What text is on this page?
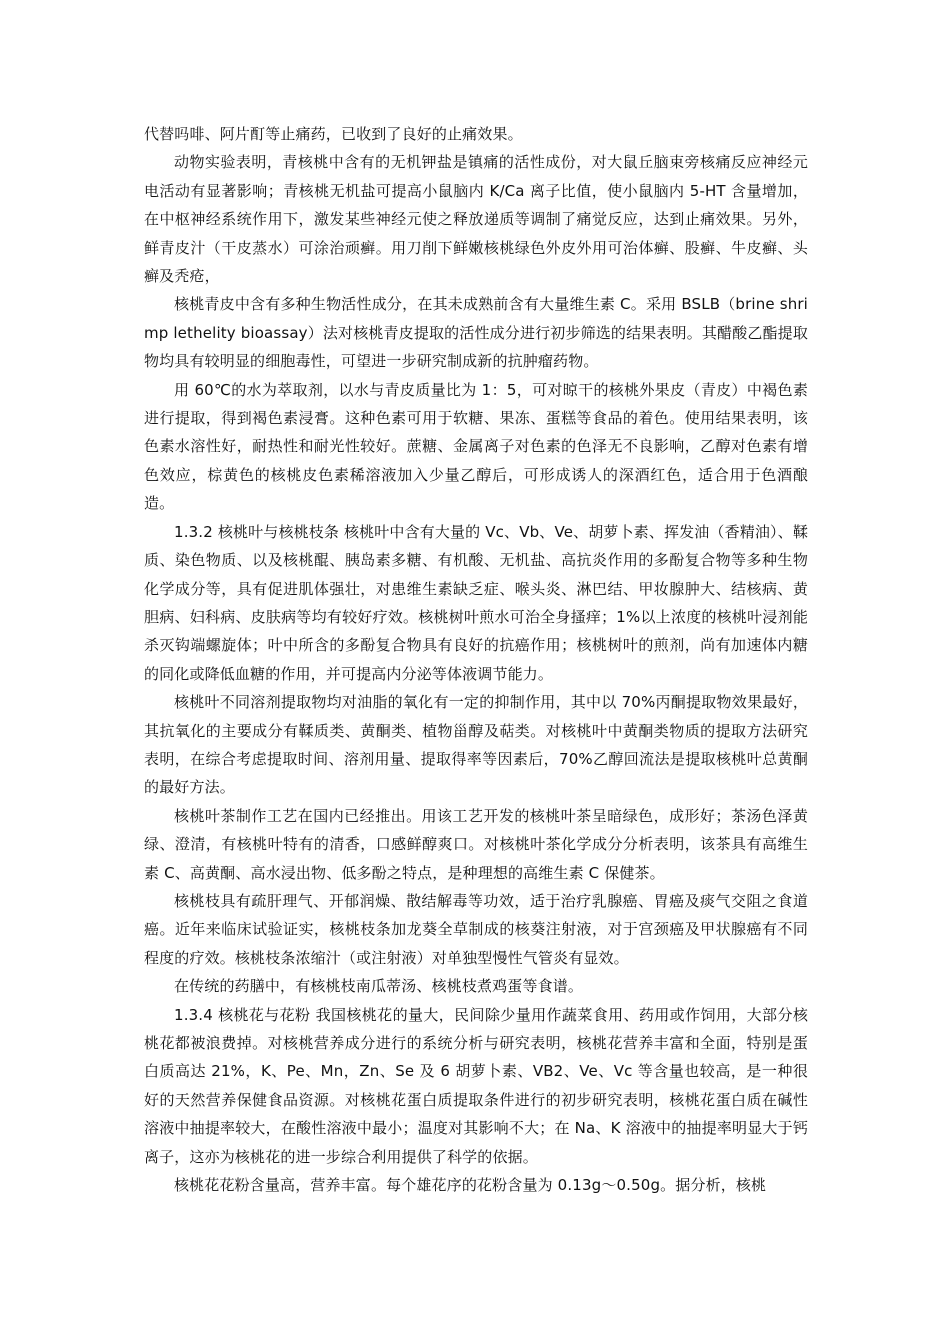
代替吗啡、阿片酊等止痛药，已收到了良好的止痛效果。

动物实验表明，青核桃中含有的无机钾盐是镇痛的活性成份，对大鼠丘脑束旁核痛反应神经元电活动有显著影响；青核桃无机盐可提高小鼠脑内 K/Ca 离子比值，使小鼠脑内 5-HT 含量增加，在中枢神经系统作用下，激发某些神经元使之释放递质等调制了痛觉反应，达到止痛效果。另外，鲜青皮汁（干皮蒸水）可涂治顽癣。用刀削下鲜嫩核桃绿色外皮外用可治体癣、股癣、牛皮癣、头癣及秃疮，

核桃青皮中含有多种生物活性成分，在其未成熟前含有大量维生素 C。采用 BSLB（brine shrimp lethelity bioassay）法对核桃青皮提取的活性成分进行初步筛选的结果表明。其醋酸乙酯提取物均具有较明显的细胞毒性，可望进一步研究制成新的抗肿瘤药物。

用 60℃的水为萃取剂，以水与青皮质量比为 1：5，可对晾干的核桃外果皮（青皮）中褐色素进行提取，得到褐色素浸膏。这种色素可用于软糖、果冻、蛋糕等食品的着色。使用结果表明，该色素水溶性好，耐热性和耐光性较好。蔗糖、金属离子对色素的色泽无不良影响，乙醇对色素有增色效应，棕黄色的核桃皮色素稀溶液加入少量乙醇后，可形成诱人的深酒红色，适合用于色酒酿造。

1.3.2 核桃叶与核桃枝条 核桃叶中含有大量的 Vc、Vb、Ve、胡萝卜素、挥发油（香精油）、鞣质、染色物质、以及核桃醌、胰岛素多糖、有机酸、无机盐、高抗炎作用的多酚复合物等多种生物化学成分等，具有促进肌体强壮，对患维生素缺乏症、喉头炎、淋巴结、甲妆腺肿大、结核病、黄胆病、妇科病、皮肤病等均有较好疗效。核桃树叶煎水可治全身搔痒；1%以上浓度的核桃叶浸剂能杀灭钩端螺旋体；叶中所含的多酚复合物具有良好的抗癌作用；核桃树叶的煎剂，尚有加速体内糖的同化或降低血糖的作用，并可提高内分泌等体液调节能力。

核桃叶不同溶剂提取物均对油脂的氧化有一定的抑制作用，其中以 70%丙酮提取物效果最好，其抗氧化的主要成分有鞣质类、黄酮类、植物甾醇及萜类。对核桃叶中黄酮类物质的提取方法研究表明，在综合考虑提取时间、溶剂用量、提取得率等因素后，70%乙醇回流法是提取核桃叶总黄酮的最好方法。

核桃叶茶制作工艺在国内已经推出。用该工艺开发的核桃叶茶呈暗绿色，成形好；茶汤色泽黄绿、澄清，有核桃叶特有的清香，口感鲜醇爽口。对核桃叶茶化学成分分析表明，该茶具有高维生素 C、高黄酮、高水浸出物、低多酚之特点，是种理想的高维生素 C 保健茶。

核桃枝具有疏肝理气、开郁润燥、散结解毒等功效，适于治疗乳腺癌、胃癌及痰气交阻之食道癌。近年来临床试验证实，核桃枝条加龙葵全草制成的核葵注射液，对于宫颈癌及甲状腺癌有不同程度的疗效。核桃枝条浓缩汁（或注射液）对单独型慢性气管炎有显效。

在传统的药膳中，有核桃枝南瓜蒂汤、核桃枝煮鸡蛋等食谱。

1.3.4 核桃花与花粉 我国核桃花的量大，民间除少量用作蔬菜食用、药用或作饲用，大部分核桃花都被浪费掉。对核桃营养成分进行的系统分析与研究表明，核桃花营养丰富和全面，特别是蛋白质高达 21%，K、Pe、Mn，Zn、Se 及 6 胡萝卜素、VB2、Ve、Vc 等含量也较高，是一种很好的天然营养保健食品资源。对核桃花蛋白质提取条件进行的初步研究表明，核桃花蛋白质在碱性溶液中抽提率较大，在酸性溶液中最小；温度对其影响不大；在 Na、K 溶液中的抽提率明显大于钙离子，这亦为核桃花的进一步综合利用提供了科学的依据。

核桃花花粉含量高，营养丰富。每个雄花序的花粉含量为 0.13g～0.50g。据分析，核桃
